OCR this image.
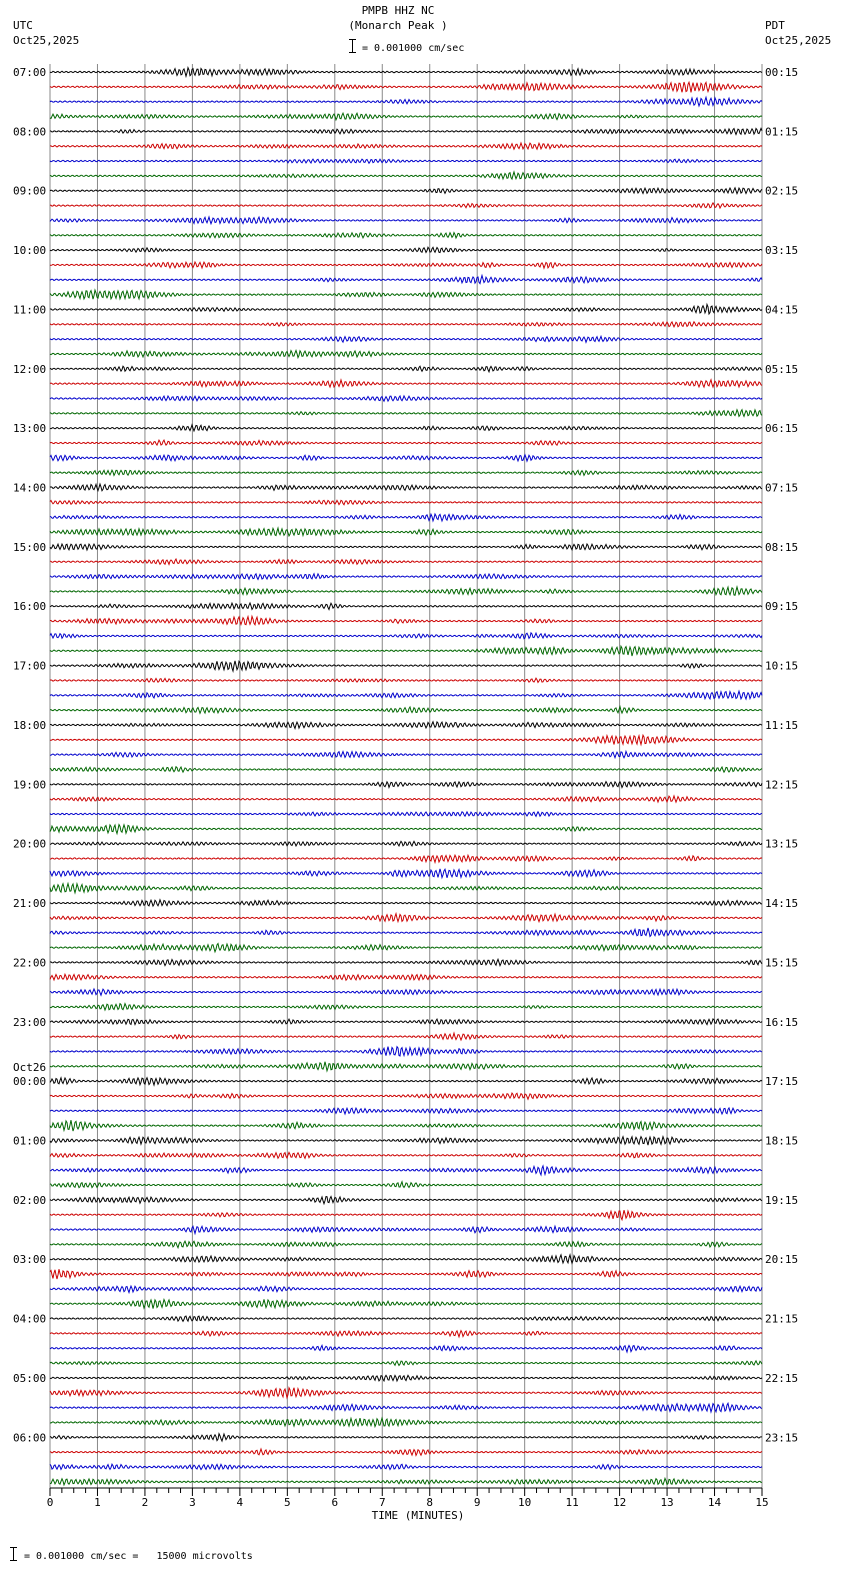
PMPB HHZ NC
(Monarch Peak )
= 0.001000 cm/sec
UTC
Oct25,2025
PDT
Oct25,2025
0	1	2	3	4	5	6	7	8	9	10	11	12	13	14	15
07:00	00:15
08:00	01:15
09:00	02:15
10:00	03:15
11:00	04:15
12:00	05:15
13:00	06:15
14:00	07:15
15:00	08:15
16:00	09:15
17:00	10:15
18:00	11:15
19:00	12:15
20:00	13:15
21:00	14:15
22:00	15:15
23:00	16:15
00:00	17:15
Oct26
01:00	18:15
02:00	19:15
03:00	20:15
04:00	21:15
05:00	22:15
06:00	23:15
TIME (MINUTES)
= 0.001000 cm/sec =   15000 microvolts
